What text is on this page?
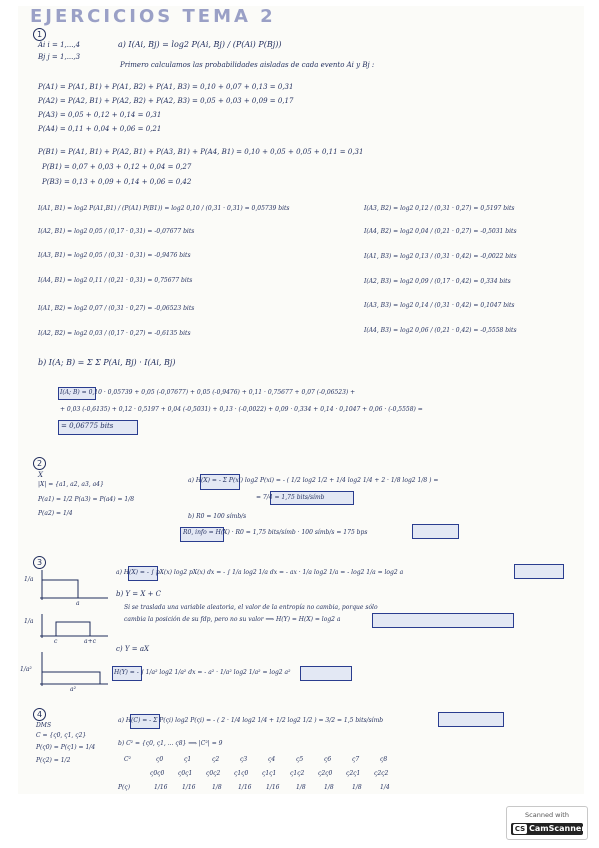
EJERCICIOS TEMA 2
1
Ai i = 1,...,4
Bj j = 1,...,3
a) I(Ai, Bj) = log2 P(Ai, Bj) / (P(Ai) P(Bj))
Primero calculamos las probabilidades aisladas de cada evento Ai y Bj :
P(A1) = P(A1, B1) + P(A1, B2) + P(A1, B3) = 0,10 + 0,07 + 0,13 = 0,31
P(A2) = P(A2, B1) + P(A2, B2) + P(A2, B3) = 0,05 + 0,03 + 0,09 = 0,17
P(A3) = 0,05 + 0,12 + 0,14 = 0,31
P(A4) = 0,11 + 0,04 + 0,06 = 0,21
P(B1) = P(A1, B1) + P(A2, B1) + P(A3, B1) + P(A4, B1) = 0,10 + 0,05 + 0,05 + 0,11 = 0,31
P(B1) = 0,07 + 0,03 + 0,12 + 0,04 = 0,27
P(B3) = 0,13 + 0,09 + 0,14 + 0,06 = 0,42
I(A1, B1) = log2 P(A1,B1) / (P(A1) P(B1)) = log2 0,10 / (0,31 · 0,31) = 0,05739 bits
I(A2, B1) = log2 0,05 / (0,17 · 0,31) = -0,07677 bits
I(A3, B1) = log2 0,05 / (0,31 · 0,31) = -0,9476 bits
I(A4, B1) = log2 0,11 / (0,21 · 0,31) = 0,75677 bits
I(A1, B2) = log2 0,07 / (0,31 · 0,27) = -0,06523 bits
I(A2, B2) = log2 0,03 / (0,17 · 0,27) = -0,6135 bits
I(A3, B2) = log2 0,12 / (0,31 · 0,27) = 0,5197 bits
I(A4, B2) = log2 0,04 / (0,21 · 0,27) = -0,5031 bits
I(A1, B3) = log2 0,13 / (0,31 · 0,42) = -0,0022 bits
I(A2, B3) = log2 0,09 / (0,17 · 0,42) = 0,334 bits
I(A3, B3) = log2 0,14 / (0,31 · 0,42) = 0,1047 bits
I(A4, B3) = log2 0,06 / (0,21 · 0,42) = -0,5558 bits
b) I(A; B) = Σ Σ P(Ai, Bj) · I(Ai, Bj)
I(A; B) = 0,10 · 0,05739 + 0,05 (-0,07677) + 0,05 (-0,9476) + 0,11 · 0,75677 + 0,07 (-0,06523) +
+ 0,03 (-0,6135) + 0,12 · 0,5197 + 0,04 (-0,5031) + 0,13 · (-0,0022) + 0,09 · 0,334 + 0,14 · 0,1047 + 0,06 · (-0,5558) =
= 0,06775 bits
2
X
|X| = {a1, a2, a3, a4}
P(a1) = 1/2 P(a3) = P(a4) = 1/8
P(a2) = 1/4
a) H(X) = - Σ P(xi) log2 P(xi) = - ( 1/2 log2 1/2 + 1/4 log2 1/4 + 2 · 1/8 log2 1/8 ) =
= 7/4 = 1,75 bits/símb
b) R0 = 100 símb/s
R0, info = H(X) · R0 = 1,75 bits/símb · 100 símb/s = 175 bps
3
1/a
a
a) H(X) = - ∫ pX(x) log2 pX(x) dx = - ∫ 1/a log2 1/a dx = - ax · 1/a log2 1/a = - log2 1/a = log2 a
b) Y = X + C
Si se traslada una variable aleatoria, el valor de la entropía no cambia, porque sólo
cambia la posición de su fdp, pero no su valor ⟹ H(Y) = H(X) = log2 a
1/a
c	a+c
c) Y = aX
1/a²
a²
H(Y) = - ∫ 1/a² log2 1/a² dx = - a² · 1/a² log2 1/a² = log2 a²
4
DMS
C = {ς0, ς1, ς2}
P(ς0) = P(ς1) = 1/4
P(ς2) = 1/2
a) H(C) = - Σ P(ςi) log2 P(ςi) = - ( 2 · 1/4 log2 1/4 + 1/2 log2 1/2 ) = 3/2 = 1,5 bits/símb
b) C² = {ς0, ς1, ... ς8} ⟹ |C²| = 9
C²	ς0	ς1	ς2	ς3	ς4	ς5	ς6	ς7	ς8
ς0ς0 ς0ς1 ς0ς2 ς1ς0 ς1ς1 ς1ς2 ς2ς0 ς2ς1 ς2ς2
P(ς)	1/16 1/16	1/8	1/16 1/16	1/8	1/8	1/8	1/4
Scanned with
CS CamScanner
